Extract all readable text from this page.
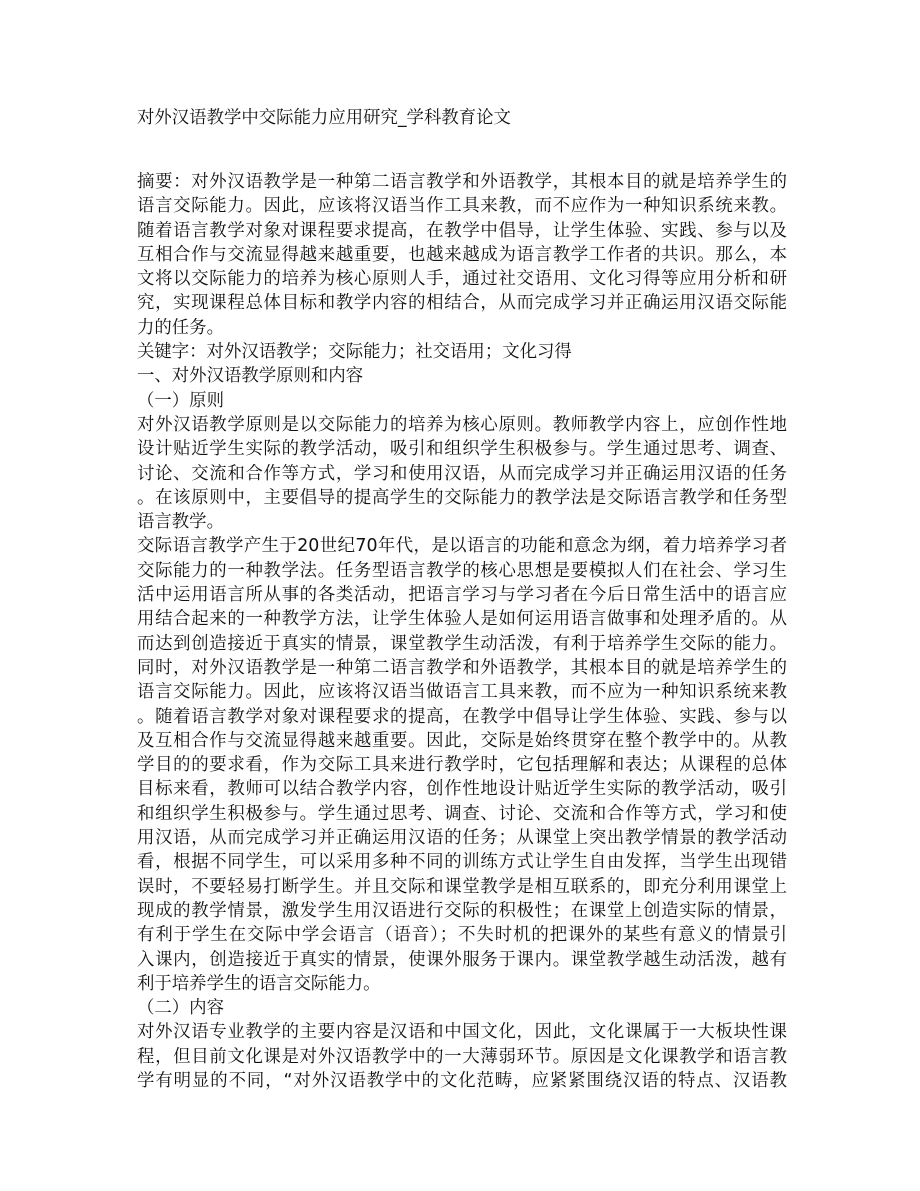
对外汉语教学中交际能力应用研究_学科教育论文
摘要：对外汉语教学是一种第二语言教学和外语教学，其根本目的就是培养学生的
语言交际能力。因此，应该将汉语当作工具来教，而不应作为一种知识系统来教。
随着语言教学对象对课程要求提高，在教学中倡导，让学生体验、实践、参与以及
互相合作与交流显得越来越重要，也越来越成为语言教学工作者的共识。那么，本
文将以交际能力的培养为核心原则人手，通过社交语用、文化习得等应用分析和研
究，实现课程总体目标和教学内容的相结合，从而完成学习并正确运用汉语交际能
力的任务。
关键字：对外汉语教学；交际能力；社交语用；文化习得
一、对外汉语教学原则和内容
（一）原则
对外汉语教学原则是以交际能力的培养为核心原则。教师教学内容上，应创作性地
设计贴近学生实际的教学活动，吸引和组织学生积极参与。学生通过思考、调查、
讨论、交流和合作等方式，学习和使用汉语，从而完成学习并正确运用汉语的任务
。在该原则中，主要倡导的提高学生的交际能力的教学法是交际语言教学和任务型
语言教学。
交际语言教学产生于20世纪70年代，是以语言的功能和意念为纲，着力培养学习者
交际能力的一种教学法。任务型语言教学的核心思想是要模拟人们在社会、学习生
活中运用语言所从事的各类活动，把语言学习与学习者在今后日常生活中的语言应
用结合起来的一种教学方法，让学生体验人是如何运用语言做事和处理矛盾的。从
而达到创造接近于真实的情景，课堂教学生动活泼，有利于培养学生交际的能力。
同时，对外汉语教学是一种第二语言教学和外语教学，其根本目的就是培养学生的
语言交际能力。因此，应该将汉语当做语言工具来教，而不应为一种知识系统来教
。随着语言教学对象对课程要求的提高，在教学中倡导让学生体验、实践、参与以
及互相合作与交流显得越来越重要。因此，交际是始终贯穿在整个教学中的。从教
学目的的要求看，作为交际工具来进行教学时，它包括理解和表达；从课程的总体
目标来看，教师可以结合教学内容，创作性地设计贴近学生实际的教学活动，吸引
和组织学生积极参与。学生通过思考、调查、讨论、交流和合作等方式，学习和使
用汉语，从而完成学习并正确运用汉语的任务；从课堂上突出教学情景的教学活动
看，根据不同学生，可以采用多种不同的训练方式让学生自由发挥，当学生出现错
误时，不要轻易打断学生。并且交际和课堂教学是相互联系的，即充分利用课堂上
现成的教学情景，激发学生用汉语进行交际的积极性；在课堂上创造实际的情景，
有利于学生在交际中学会语言（语音）；不失时机的把课外的某些有意义的情景引
入课内，创造接近于真实的情景，使课外服务于课内。课堂教学越生动活泼，越有
利于培养学生的语言交际能力。
（二）内容
对外汉语专业教学的主要内容是汉语和中国文化，因此，文化课属于一大板块性课
程，但目前文化课是对外汉语教学中的一大薄弱环节。原因是文化课教学和语言教
学有明显的不同，“对外汉语教学中的文化范畴，应紧紧围绕汉语的特点、汉语教
